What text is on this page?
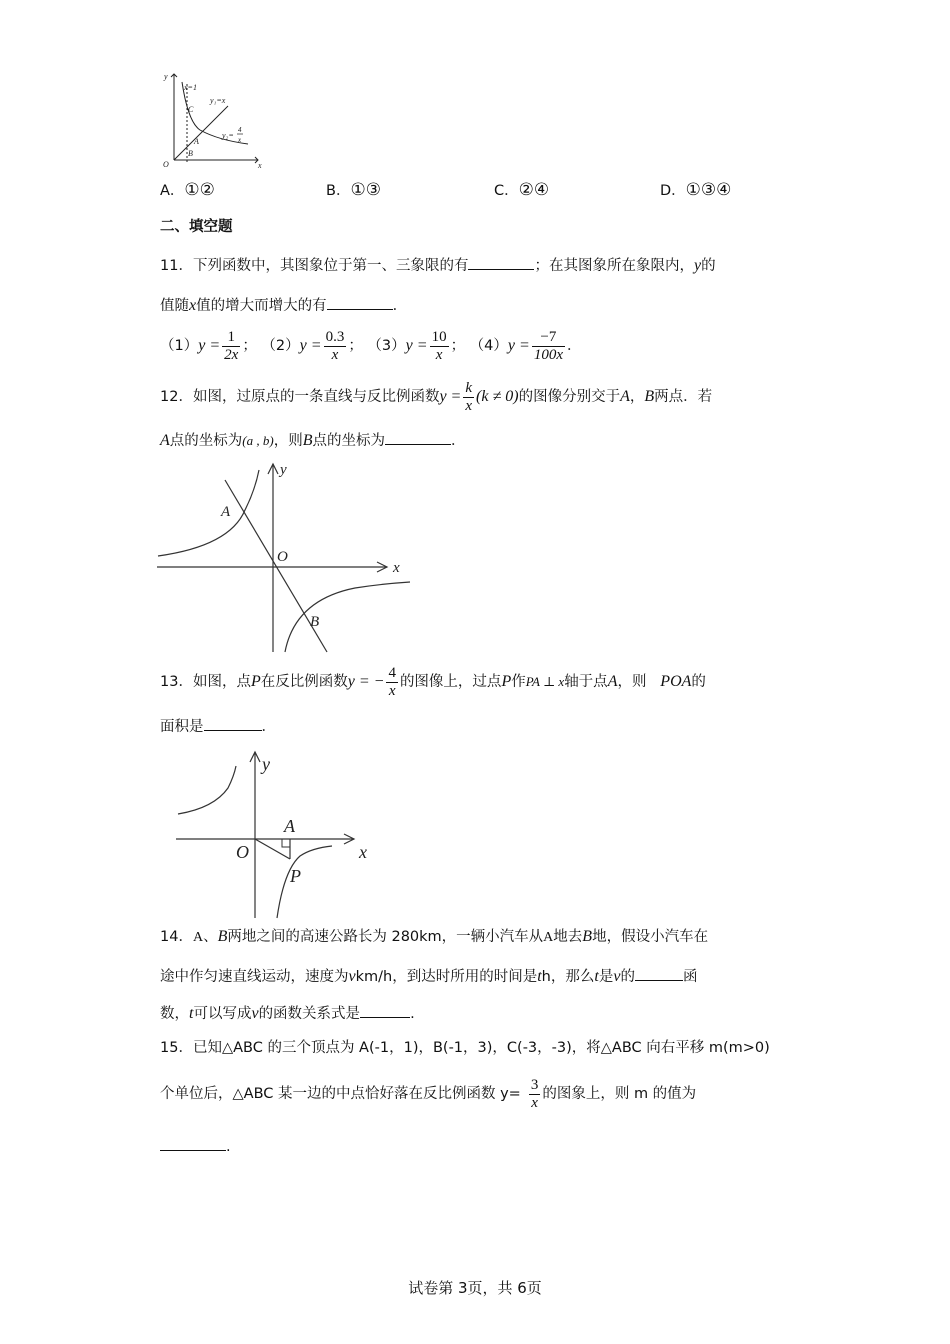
y
x
O
x=1
y₁=x
y₂=
4
x
C
A
B
A．①②	B．①③	C．②④	D．①③④
二、填空题
11．下列函数中，其图象位于第一、三象限的有	；在其图象所在象限内，y的
值随x值的增大而增大的有	．
$(1)y = \frac{1}{2x}$ ； $(2)y = \frac{0.3}{x}$ ； $(3)y = \frac{10}{x}$ ； $(4)y = \frac{-7}{100x}$ ．
12．如图，过原点的一条直线与反比例函数$y = \frac{k}{x} (k \ne 0)$的图像分别交于A，B两点．若
A点的坐标为(a , b)，则B点的坐标为	．
x
y
O
A
B
13．如图，点P在反比例函数y = − $\frac{4}{x}$ 的图像上，过点P作PA ⊥ x轴于点A，则 POA的
面积是	．
x
y
O
A
P
14．A、B两地之间的高速公路长为 280km，一辆小汽车从A地去B地，假设小汽车在
途中作匀速直线运动，速度为vkm/h，到达时所用的时间是th，那么t是v的	函
数，t可以写成v的函数关系式是	.
15．已知△ABC 的三个顶点为 A(-1，1)，B(-1，3)，C(-3，-3)，将△ABC 向右平移 m(m>0)
个单位后，△ABC 某一边的中点恰好落在反比例函数 $y= \frac{3}{x}$ 的图象上，则 m 的值为
.
试卷第 3页，共 6页
